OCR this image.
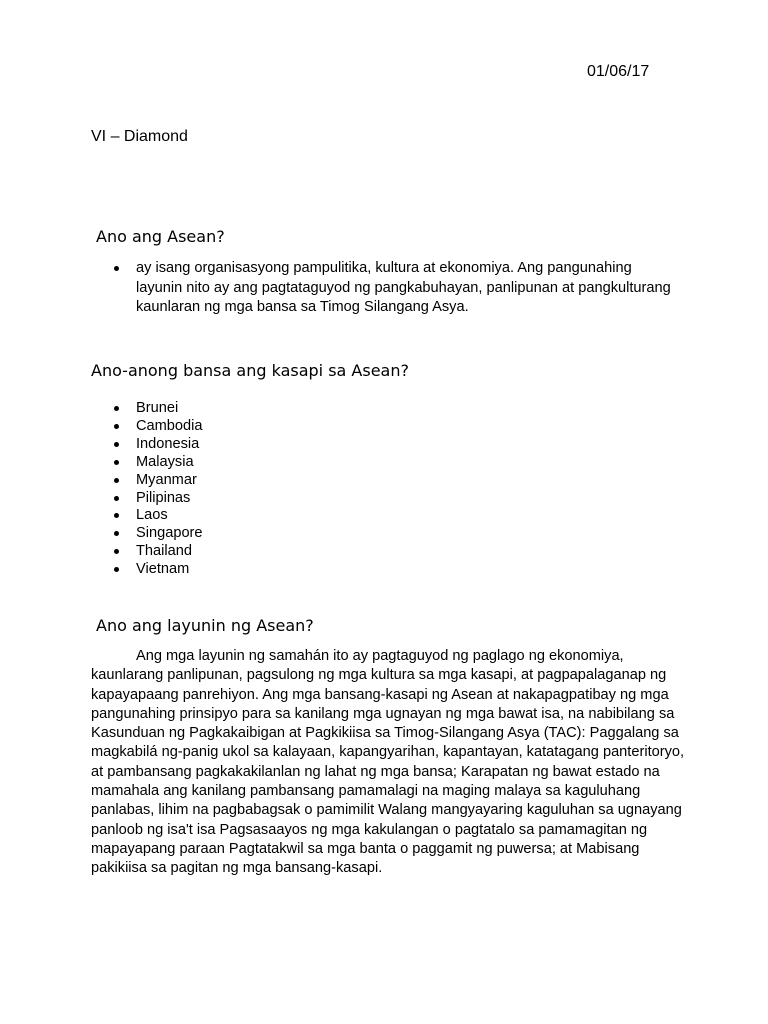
01/06/17
VI – Diamond
Ano ang Asean?
ay isang organisasyong pampulitika, kultura at ekonomiya. Ang pangunahing layunin nito ay ang pagtataguyod ng pangkabuhayan, panlipunan at pangkulturang kaunlaran ng mga bansa sa Timog Silangang Asya.
Ano-anong bansa ang kasapi sa Asean?
Brunei
Cambodia
Indonesia
Malaysia
Myanmar
Pilipinas
Laos
Singapore
Thailand
Vietnam
Ano ang layunin ng Asean?

Ang mga layunin ng samahán ito ay pagtaguyod ng paglago ng ekonomiya, kaunlarang panlipunan, pagsulong ng mga kultura sa mga kasapi, at pagpapalaganap ng kapayapaang panrehiyon. Ang mga bansang-kasapi ng Asean at nakapagpatibay ng mga pangunahing prinsipyo para sa kanilang mga ugnayan ng mga bawat isa, na nabibilang sa Kasunduan ng Pagkakaibigan at Pagkikiisa sa Timog-Silangang Asya (TAC): Paggalang sa magkabilá ng-panig ukol sa kalayaan, kapangyarihan, kapantayan, katatagang panteritoryo, at pambansang pagkakakilanlan ng lahat ng mga bansa; Karapatan ng bawat estado na mamahala ang kanilang pambansang pamamalagi na maging malaya sa kaguluhang panlabas, lihim na pagbabagsak o pamimilit Walang mangyayaring kaguluhan sa ugnayang panloob ng isa't isa Pagsasaayos ng mga kakulangan o pagtatalo sa pamamagitan ng mapayapang paraan Pagtatakwil sa mga banta o paggamit ng puwersa; at Mabisang pakikiisa sa pagitan ng mga bansang-kasapi.
